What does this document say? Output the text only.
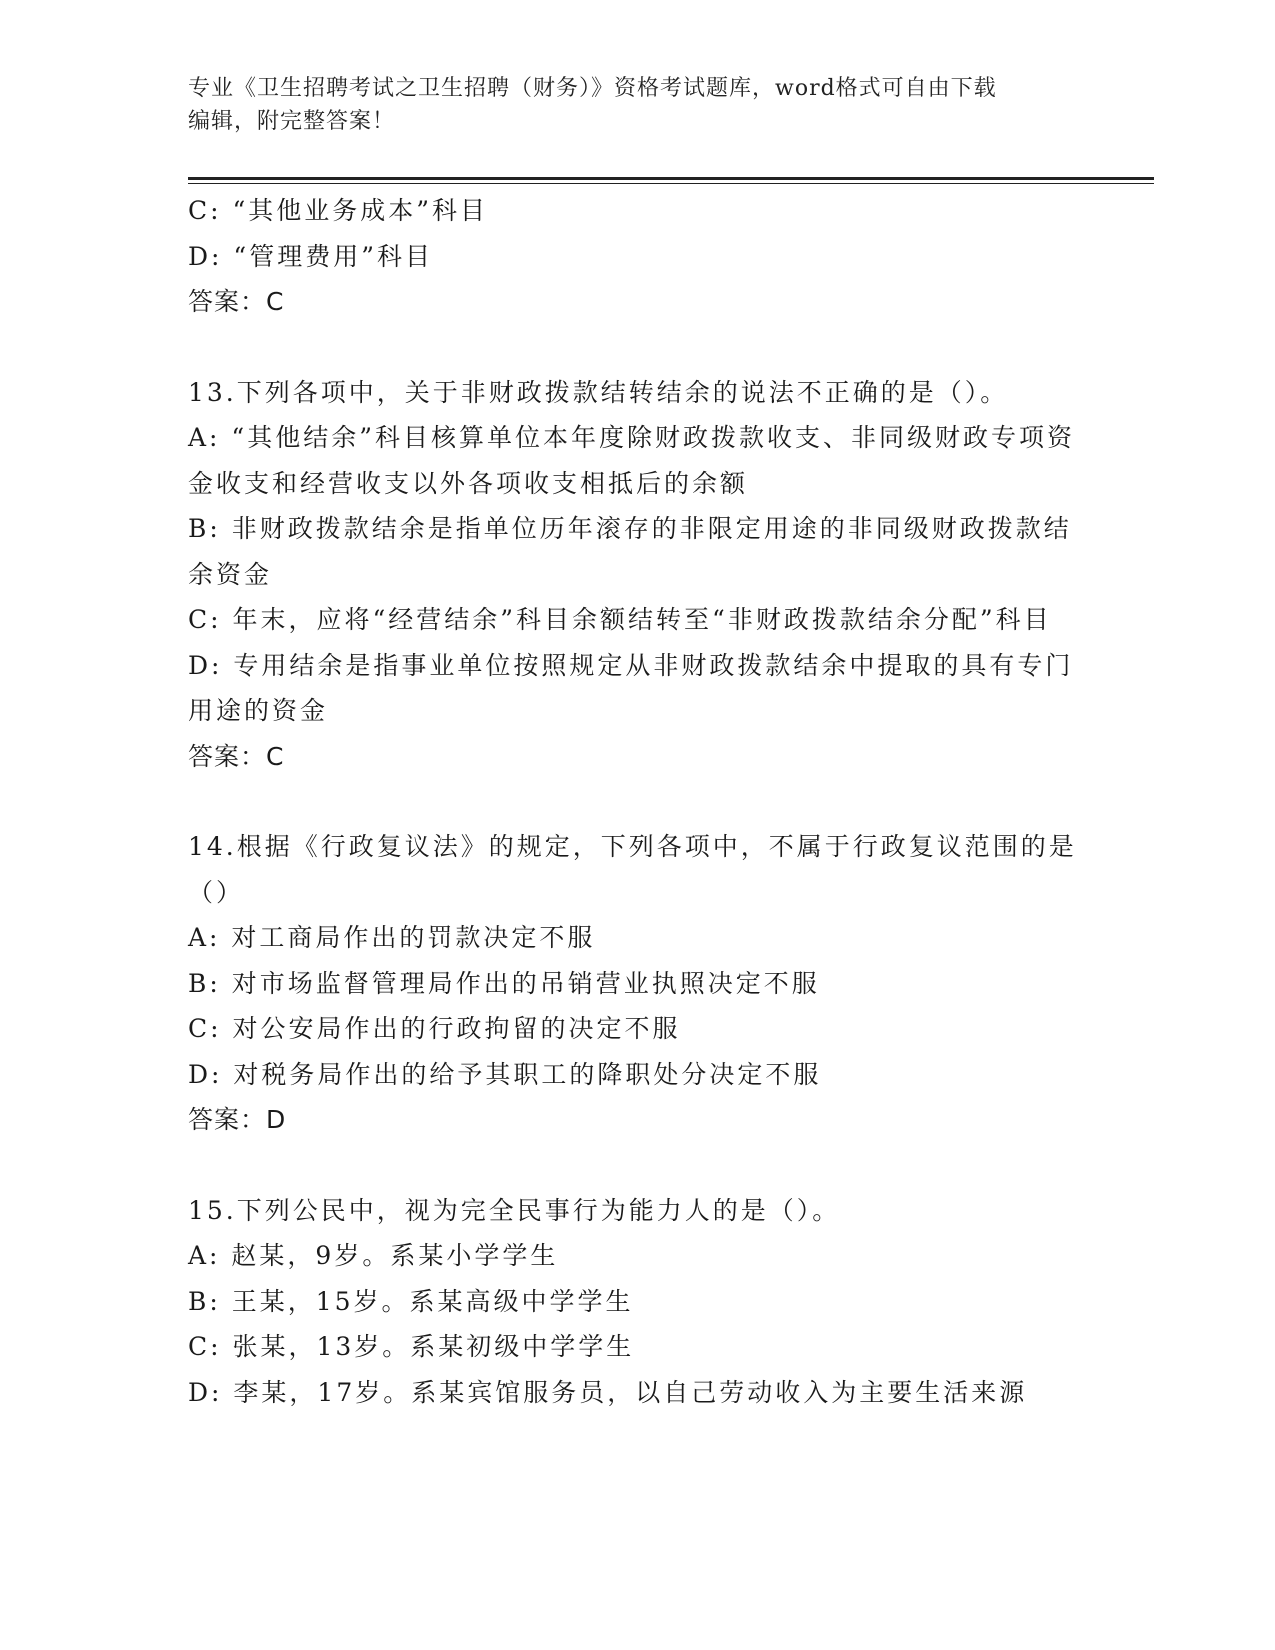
专业《卫生招聘考试之卫生招聘（财务）》资格考试题库，word格式可自由下载
编辑，附完整答案！
C: “其他业务成本”科目
D: “管理费用”科目
答案：C
13.下列各项中，关于非财政拨款结转结余的说法不正确的是（）。
A: “其他结余”科目核算单位本年度除财政拨款收支、非同级财政专项资金收支和经营收支以外各项收支相抵后的余额
B: 非财政拨款结余是指单位历年滚存的非限定用途的非同级财政拨款结余资金
C: 年末，应将“经营结余”科目余额结转至“非财政拨款结余分配”科目
D: 专用结余是指事业单位按照规定从非财政拨款结余中提取的具有专门用途的资金
答案：C
14.根据《行政复议法》的规定，下列各项中，不属于行政复议范围的是（）
A: 对工商局作出的罚款决定不服
B: 对市场监督管理局作出的吊销营业执照决定不服
C: 对公安局作出的行政拘留的决定不服
D: 对税务局作出的给予其职工的降职处分决定不服
答案：D
15.下列公民中，视为完全民事行为能力人的是（）。
A: 赵某，9岁。系某小学学生
B: 王某，15岁。系某高级中学学生
C: 张某，13岁。系某初级中学学生
D: 李某，17岁。系某宾馆服务员，以自己劳动收入为主要生活来源
